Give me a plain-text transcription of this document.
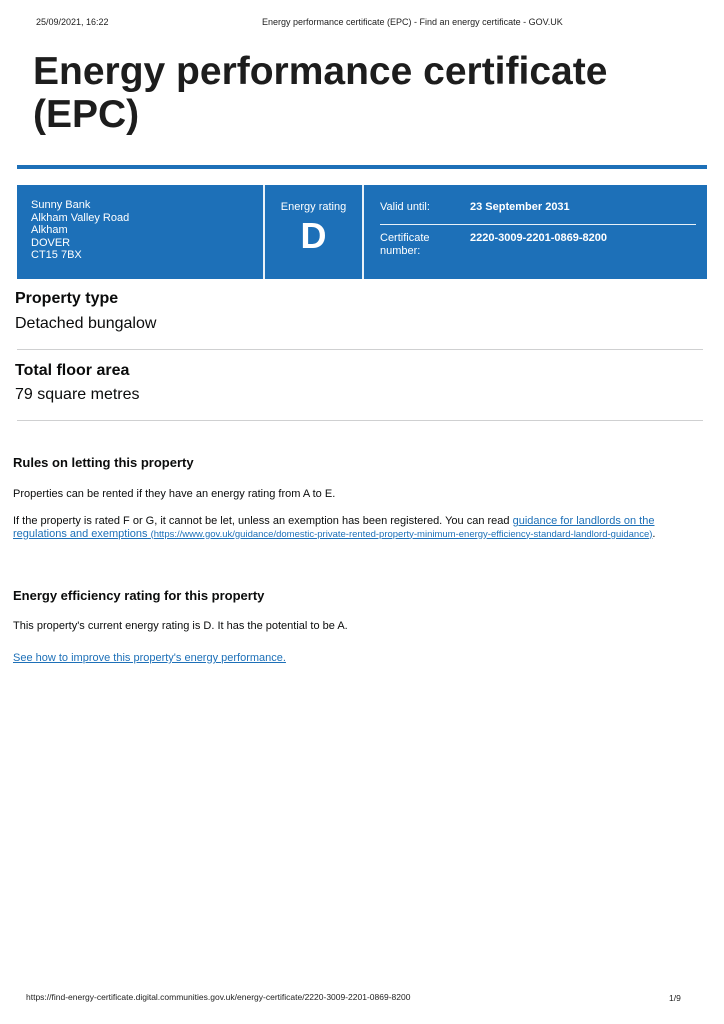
25/09/2021, 16:22	Energy performance certificate (EPC) - Find an energy certificate - GOV.UK
Energy performance certificate (EPC)
Sunny Bank
Alkham Valley Road
Alkham
DOVER
CT15 7BX
Energy rating
D
Valid until:	23 September 2031
Certificate
number:
2220-3009-2201-0869-8200
Property type
Detached bungalow
Total floor area
79 square metres
Rules on letting this property
Properties can be rented if they have an energy rating from A to E.
If the property is rated F or G, it cannot be let, unless an exemption has been registered. You can read guidance for landlords on the regulations and exemptions (https://www.gov.uk/guidance/domestic-private-rented-property-minimum-energy-efficiency-standard-landlord-guidance).
Energy efficiency rating for this property
This property's current energy rating is D. It has the potential to be A.
See how to improve this property's energy performance.
https://find-energy-certificate.digital.communities.gov.uk/energy-certificate/2220-3009-2201-0869-8200	1/9
